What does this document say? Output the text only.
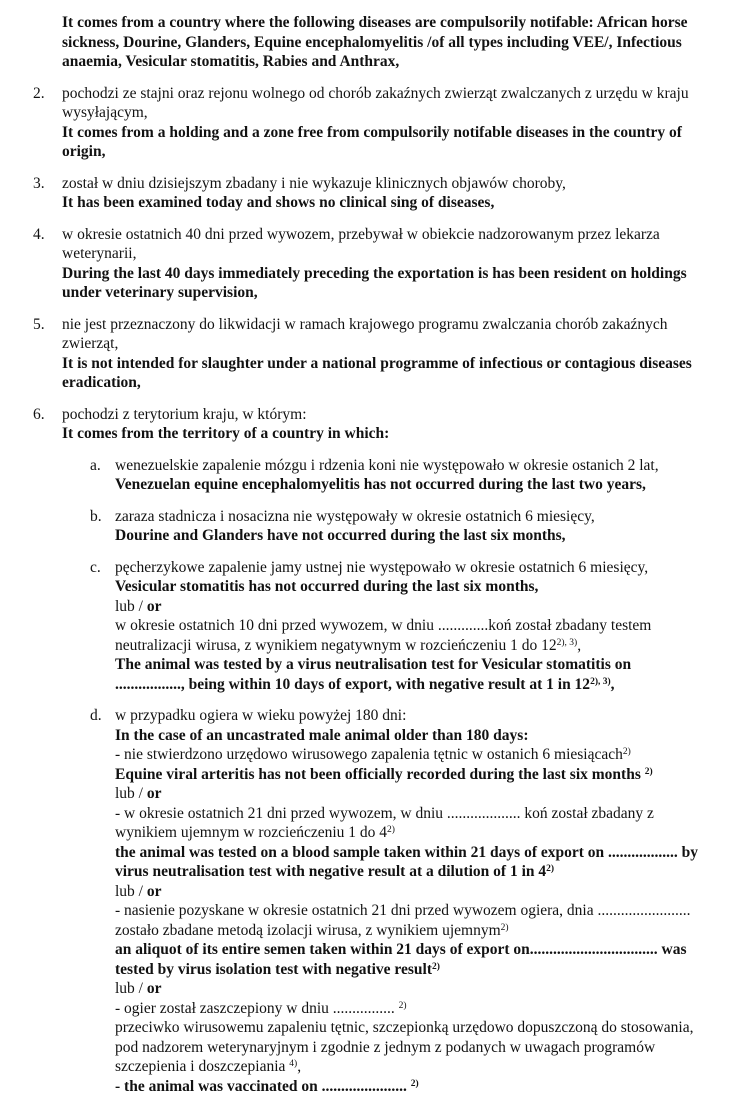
It comes from a country where the following diseases are compulsorily notifable: African horse
sickness, Dourine, Glanders, Equine encephalomyelitis /of all types including VEE/, Infectious
anaemia, Vesicular stomatitis, Rabies and Anthrax,
2. pochodzi ze stajni oraz rejonu wolnego od chorób zakaźnych zwierząt zwalczanych z urzędu w kraju
wysyłającym,
It comes from a holding and a zone free from compulsorily notifable diseases in the country of
origin,
3. został w dniu dzisiejszym zbadany i nie wykazuje klinicznych objawów choroby,
It has been examined today and shows no clinical sing of diseases,
4. w okresie ostatnich 40 dni przed wywozem, przebywał w obiekcie nadzorowanym przez lekarza
weterynarii,
During the last 40 days immediately preceding the exportation is has been resident on holdings
under veterinary supervision,
5. nie jest przeznaczony do likwidacji w ramach krajowego programu zwalczania chorób zakaźnych
zwierząt,
It is not intended for slaughter under a national programme of infectious or contagious diseases
eradication,
6. pochodzi z terytorium kraju, w którym:
It comes from the territory of a country in which:
a. wenezuelskie zapalenie mózgu i rdzenia koni nie występowało w okresie ostanich 2 lat,
Venezuelan equine encephalomyelitis has not occurred during the last two years,
b. zaraza stadnicza i nosacizna nie występowały w okresie ostatnich 6 miesięcy,
Dourine and Glanders have not occurred during the last six months,
c. pęcherzykowe zapalenie jamy ustnej nie występowało w okresie ostatnich 6 miesięcy,
Vesicular stomatitis has not occurred during the last six months,
lub / or
w okresie ostatnich 10 dni przed wywozem, w dniu .............koń został zbadany testem
neutralizacji wirusa, z wynikiem negatywnym w rozcieńczeniu 1 do $12^{2), 3)}$,
The animal was tested by a virus neutralisation test for Vesicular stomatitis on
................., being within 10 days of export, with negative result at 1 in $12^{2), 3)}$,
d. w przypadku ogiera w wieku powyżej 180 dni:
In the case of an uncastrated male animal older than 180 days:
- nie stwierdzono urzędowo wirusowego zapalenia tętnic w ostanich 6 miesiącach$^{2)}$
Equine viral arteritis has not been officially recorded during the last six months $^{2)}$
lub / or
- w okresie ostatnich 21 dni przed wywozem, w dniu ................... koń został zbadany z
wynikiem ujemnym w rozcieńczeniu 1 do 4$^{2)}$
the animal was tested on a blood sample taken within 21 days of export on .................. by
virus neutralisation test with negative result at a dilution of 1 in 4$^{2)}$
lub / or
- nasienie pozyskane w okresie ostatnich 21 dni przed wywozem ogiera, dnia ........................
zostało zbadane metodą izolacji wirusa, z wynikiem ujemnym$^{2)}$
an aliquot of its entire semen taken within 21 days of export on................................. was
tested by virus isolation test with negative result$^{2)}$
lub / or
- ogier został zaszczepiony w dniu ................ $^{2)}$
przeciwko wirusowemu zapaleniu tętnic, szczepionką urzędowo dopuszczoną do stosowania,
pod nadzorem weterynaryjnym i zgodnie z jednym z podanych w uwagach programów
szczepienia i doszczepiania $^{4)}$,
- the animal was vaccinated on ...................... $^{2)}$
